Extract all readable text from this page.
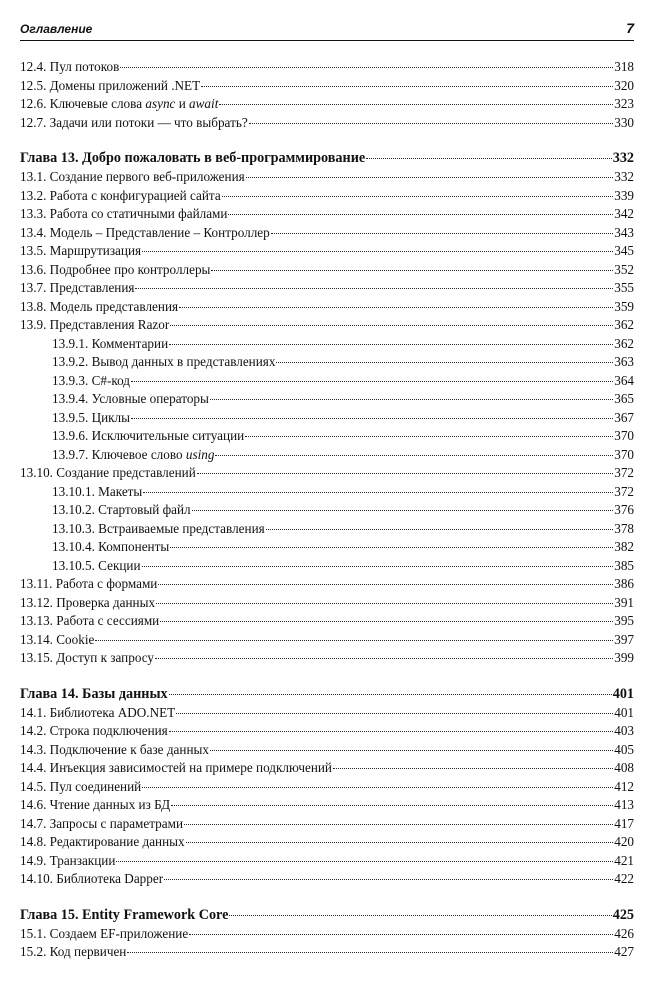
Оглавление	7
12.4. Пул потоков	318
12.5. Домены приложений .NET	320
12.6. Ключевые слова async и await	323
12.7. Задачи или потоки — что выбрать?	330
Глава 13. Добро пожаловать в веб-программирование	332
13.1. Создание первого веб-приложения	332
13.2. Работа с конфигурацией сайта	339
13.3. Работа со статичными файлами	342
13.4. Модель – Представление – Контроллер	343
13.5. Маршрутизация	345
13.6. Подробнее про контроллеры	352
13.7. Представления	355
13.8. Модель представления	359
13.9. Представления Razor	362
13.9.1. Комментарии	362
13.9.2. Вывод данных в представлениях	363
13.9.3. C#-код	364
13.9.4. Условные операторы	365
13.9.5. Циклы	367
13.9.6. Исключительные ситуации	370
13.9.7. Ключевое слово using	370
13.10. Создание представлений	372
13.10.1. Макеты	372
13.10.2. Стартовый файл	376
13.10.3. Встраиваемые представления	378
13.10.4. Компоненты	382
13.10.5. Секции	385
13.11. Работа с формами	386
13.12. Проверка данных	391
13.13. Работа с сессиями	395
13.14. Cookie	397
13.15. Доступ к запросу	399
Глава 14. Базы данных	401
14.1. Библиотека ADO.NET	401
14.2. Строка подключения	403
14.3. Подключение к базе данных	405
14.4. Инъекция зависимостей на примере подключений	408
14.5. Пул соединений	412
14.6. Чтение данных из БД	413
14.7. Запросы с параметрами	417
14.8. Редактирование данных	420
14.9. Транзакции	421
14.10. Библиотека Dapper	422
Глава 15. Entity Framework Core	425
15.1. Создаем EF-приложение	426
15.2. Код первичен	427
